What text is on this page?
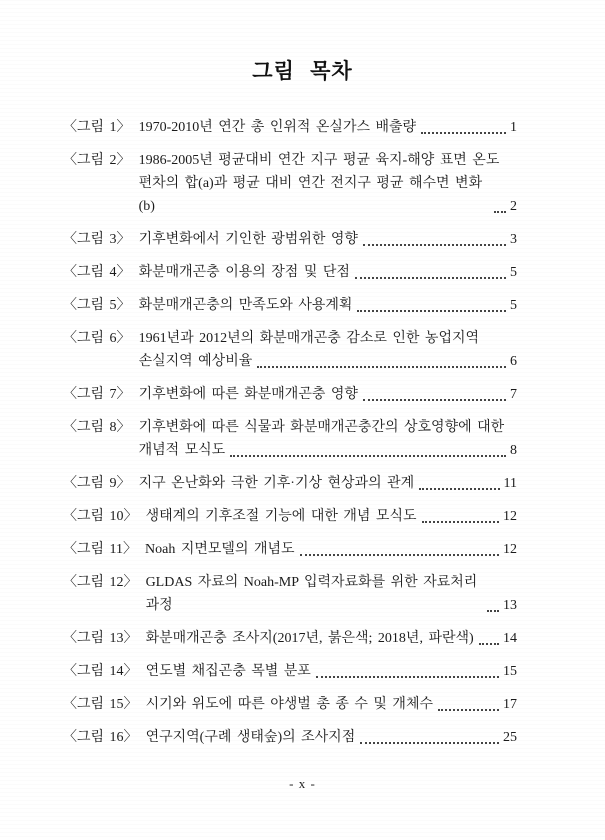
그림 목차
〈그림 1〉 1970-2010년 연간 총 인위적 온실가스 배출량	1
〈그림 2〉 1986-2005년 평균대비 연간 지구 평균 육지-해양 표면 온도
편차의 합(a)과 평균 대비 연간 전지구 평균 해수면 변화(b)	2
〈그림 3〉 기후변화에서 기인한 광범위한 영향	3
〈그림 4〉 화분매개곤충 이용의 장점 및 단점	5
〈그림 5〉 화분매개곤충의 만족도와 사용계획	5
〈그림 6〉 1961년과 2012년의 화분매개곤충 감소로 인한 농업지역
손실지역 예상비율	6
〈그림 7〉 기후변화에 따른 화분매개곤충 영향	7
〈그림 8〉 기후변화에 따른 식물과 화분매개곤충간의 상호영향에 대한
개념적 모식도	8
〈그림 9〉 지구 온난화와 극한 기후·기상 현상과의 관계	11
〈그림 10〉 생태계의 기후조절 기능에 대한 개념 모식도	12
〈그림 11〉 Noah 지면모델의 개념도	12
〈그림 12〉 GLDAS 자료의 Noah-MP 입력자료화를 위한 자료처리 과정	13
〈그림 13〉 화분매개곤충 조사지(2017년, 붉은색; 2018년, 파란색) 14
〈그림 14〉 연도별 채집곤충 목별 분포	15
〈그림 15〉 시기와 위도에 따른 야생벌 총 종 수 및 개체수	17
〈그림 16〉 연구지역(구례 생태숲)의 조사지점	25
- x -
